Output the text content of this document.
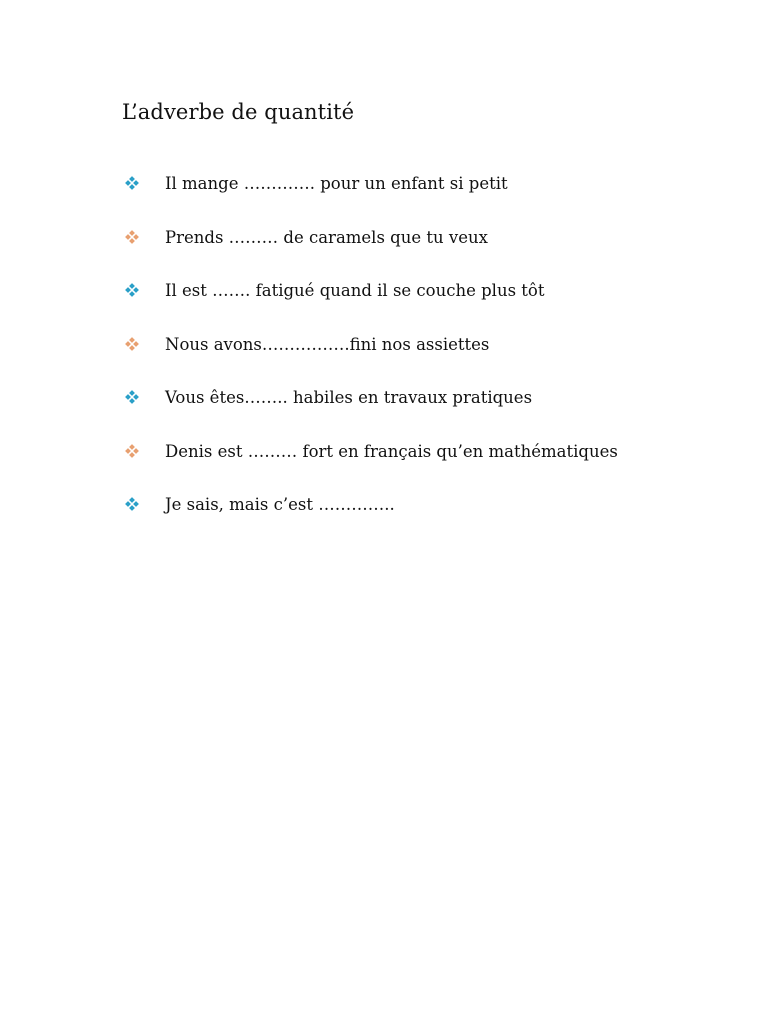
L’adverbe de quantité
Il mange …………. pour un enfant si petit
Prends ……… de caramels que tu veux
Il est ……. fatigué quand il se couche plus tôt
Nous avons…………….fini nos assiettes
Vous êtes…….. habiles en travaux pratiques
Denis est ……… fort en français qu’en mathématiques
Je sais, mais c’est …………..
